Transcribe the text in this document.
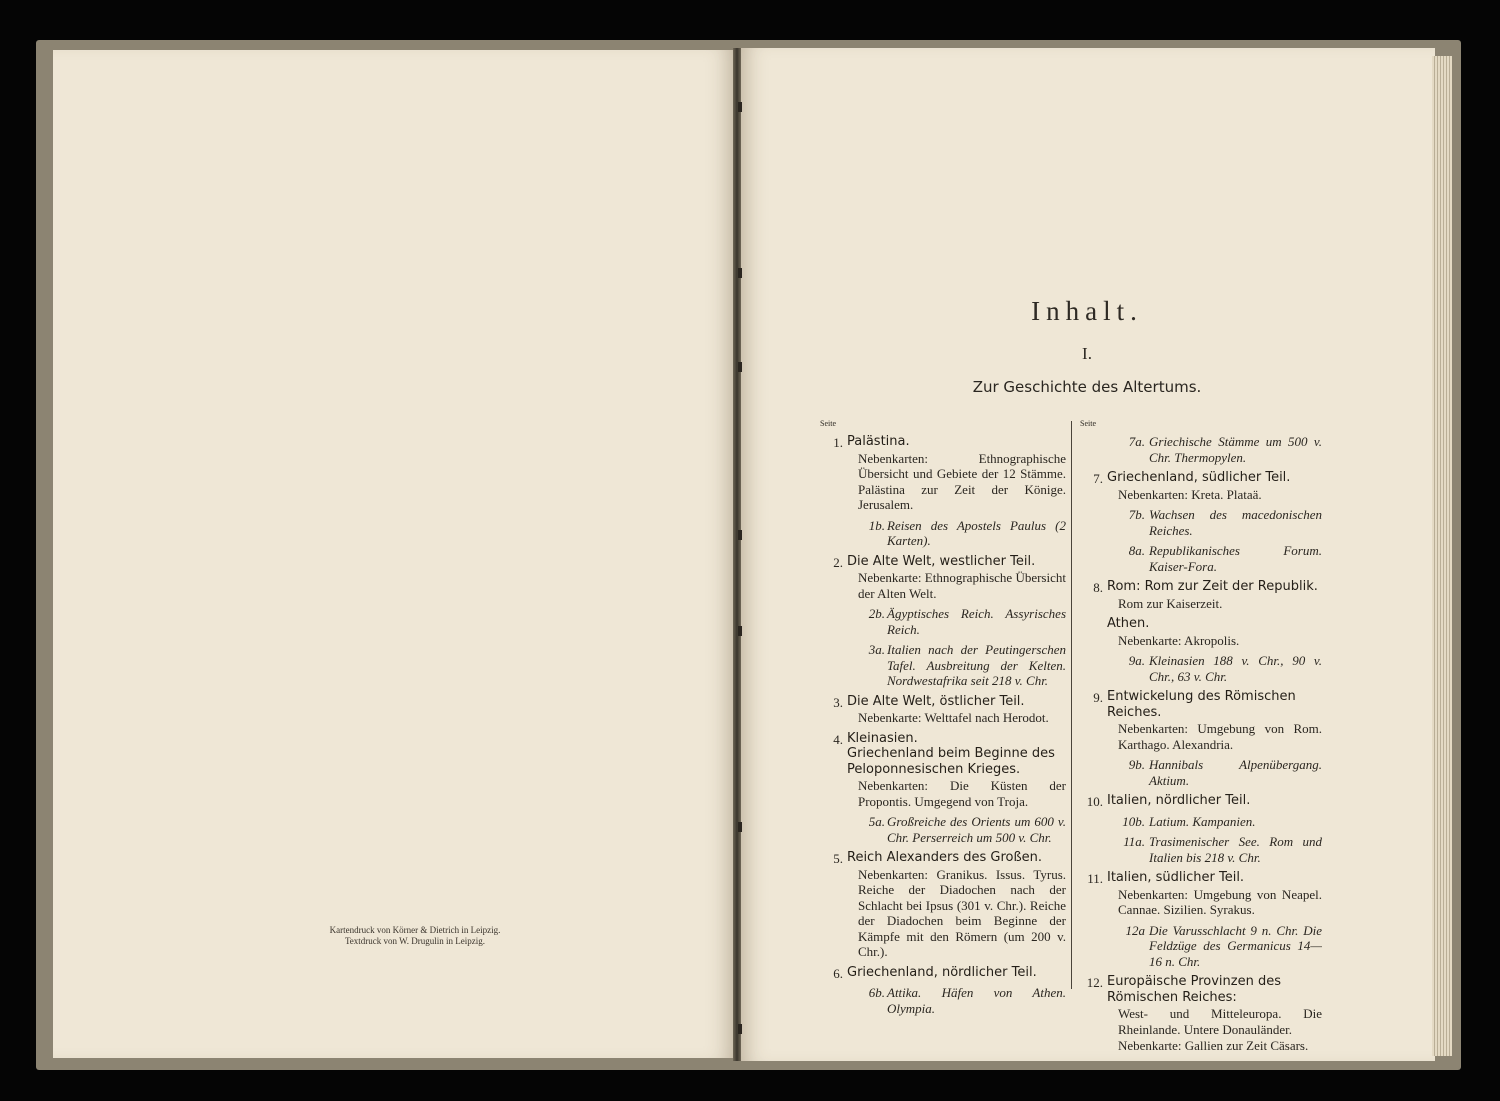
Kartendruck von Körner & Dietrich in Leipzig.
Textdruck von W. Drugulin in Leipzig.
Inhalt.
I.
Zur Geschichte des Altertums.
Seite
1. Palästina.
Nebenkarten: Ethnographische Übersicht und Gebiete der 12 Stämme. Palästina zur Zeit der Könige. Jerusalem.
1b. Reisen des Apostels Paulus (2 Karten).
2. Die Alte Welt, westlicher Teil.
Nebenkarte: Ethnographische Übersicht der Alten Welt.
2b. Ägyptisches Reich. Assyrisches Reich.
3a. Italien nach der Peutingerschen Tafel. Ausbreitung der Kelten. Nordwestafrika seit 218 v. Chr.
3. Die Alte Welt, östlicher Teil.
Nebenkarte: Welttafel nach Herodot.
4. Kleinasien.
Griechenland beim Beginne des Peloponnesischen Krieges.
Nebenkarten: Die Küsten der Propontis. Umgegend von Troja.
5a. Großreiche des Orients um 600 v. Chr. Perserreich um 500 v. Chr.
5. Reich Alexanders des Großen.
Nebenkarten: Granikus. Issus. Tyrus. Reiche der Diadochen nach der Schlacht bei Ipsus (301 v. Chr.). Reiche der Diadochen beim Beginne der Kämpfe mit den Römern (um 200 v. Chr.).
6. Griechenland, nördlicher Teil.
6b. Attika. Häfen von Athen. Olympia.
Seite
7a. Griechische Stämme um 500 v. Chr. Thermopylen.
7. Griechenland, südlicher Teil.
Nebenkarten: Kreta. Plataä.
7b. Wachsen des macedonischen Reiches.
8a. Republikanisches Forum. Kaiser-Fora.
8. Rom: Rom zur Zeit der Republik.
Rom zur Kaiserzeit.
Athen.
Nebenkarte: Akropolis.
9a. Kleinasien 188 v. Chr., 90 v. Chr., 63 v. Chr.
9. Entwickelung des Römischen Reiches.
Nebenkarten: Umgebung von Rom. Karthago. Alexandria.
9b. Hannibals Alpenübergang. Aktium.
10. Italien, nördlicher Teil.
10b. Latium. Kampanien.
11a. Trasimenischer See. Rom und Italien bis 218 v. Chr.
11. Italien, südlicher Teil.
Nebenkarten: Umgebung von Neapel. Cannae. Sizilien. Syrakus.
12a Die Varusschlacht 9 n. Chr. Die Feldzüge des Germanicus 14—16 n. Chr.
12. Europäische Provinzen des Römischen Reiches:
West- und Mitteleuropa. Die Rheinlande. Untere Donauländer.
Nebenkarte: Gallien zur Zeit Cäsars.
